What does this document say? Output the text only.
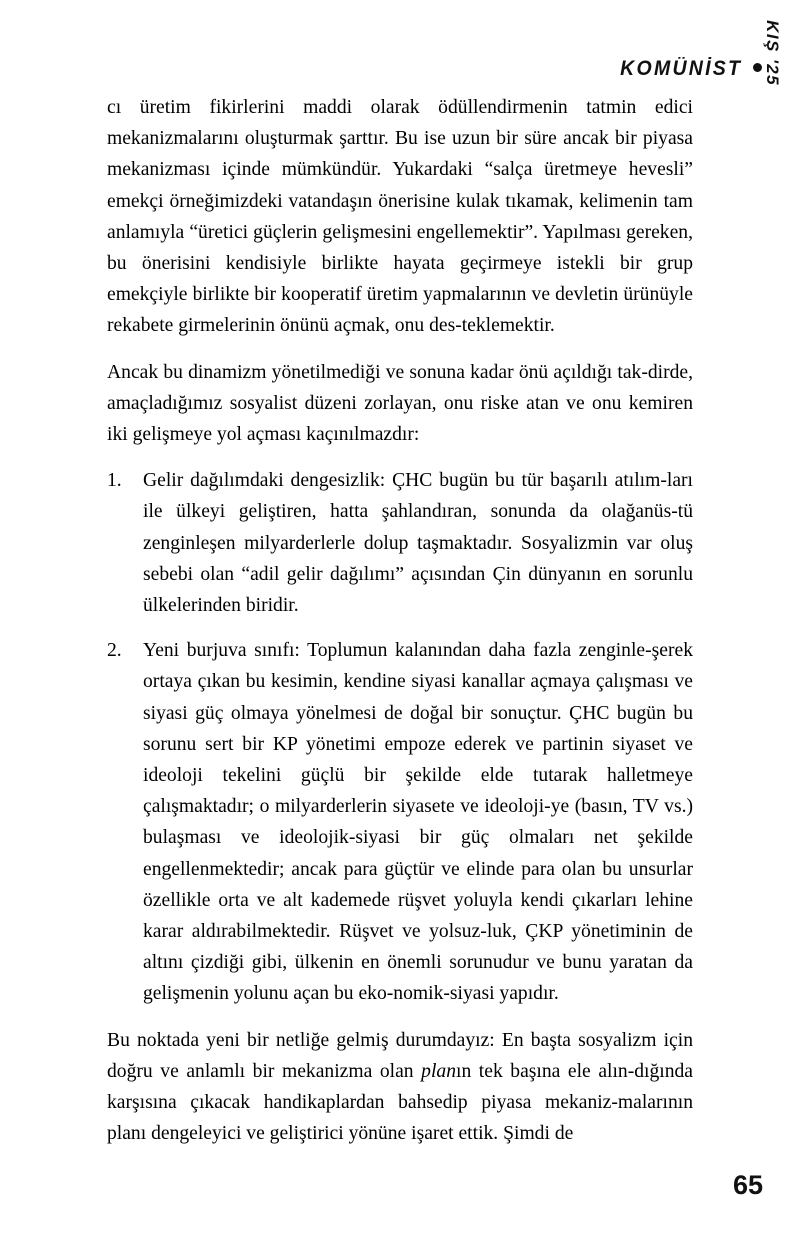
KOMÜNİST KIŞ '25

cı üretim fikirlerini maddi olarak ödüllendirmenin tatmin edici mekanizmalarını oluşturmak şarttır. Bu ise uzun bir süre ancak bir piyasa mekanizması içinde mümkündür. Yukardaki “salça üretmeye hevesli” emekçi örneğimizdeki vatandaşın önerisine kulak tıkamak, kelimenin tam anlamıyla “üretici güçlerin gelişmesini engellemektir”. Yapılması gereken, bu önerisini kendisiyle birlikte hayata geçirmeye istekli bir grup emekçiyle birlikte bir kooperatif üretim yapmalarının ve devletin ürünüyle rekabete girmelerinin önünü açmak, onu des-teklemektir.

Ancak bu dinamizm yönetilmediği ve sonuna kadar önü açıldığı tak-dirde, amaçladığımız sosyalist düzeni zorlayan, onu riske atan ve onu kemiren iki gelişmeye yol açması kaçınılmazdır:

1.	Gelir dağılımdaki dengesizlik: ÇHC bugün bu tür başarılı atılım-ları ile ülkeyi geliştiren, hatta şahlandıran, sonunda da olağanüs-tü zenginleşen milyarderlerle dolup taşmaktadır. Sosyalizmin var oluş sebebi olan “adil gelir dağılımı” açısından Çin dünyanın en sorunlu ülkelerinden biridir.
2.	Yeni burjuva sınıfı: Toplumun kalanından daha fazla zenginle-şerek ortaya çıkan bu kesimin, kendine siyasi kanallar açmaya çalışması ve siyasi güç olmaya yönelmesi de doğal bir sonuçtur. ÇHC bugün bu sorunu sert bir KP yönetimi empoze ederek ve partinin siyaset ve ideoloji tekelini güçlü bir şekilde elde tutarak halletmeye çalışmaktadır; o milyarderlerin siyasete ve ideoloji-ye (basın, TV vs.) bulaşması ve ideolojik-siyasi bir güç olmaları net şekilde engellenmektedir; ancak para güçtür ve elinde para olan bu unsurlar özellikle orta ve alt kademede rüşvet yoluyla kendi çıkarları lehine karar aldırabilmektedir. Rüşvet ve yolsuz-luk, ÇKP yönetiminin de altını çizdiği gibi, ülkenin en önemli sorunudur ve bunu yaratan da gelişmenin yolunu açan bu eko-nomik-siyasi yapıdır.

Bu noktada yeni bir netliğe gelmiş durumdayız: En başta sosyalizm için doğru ve anlamlı bir mekanizma olan planın tek başına ele alın-dığında karşısına çıkacak handikaplardan bahsedip piyasa mekaniz-malarının planı dengeleyici ve geliştirici yönüne işaret ettik. Şimdi de

65
